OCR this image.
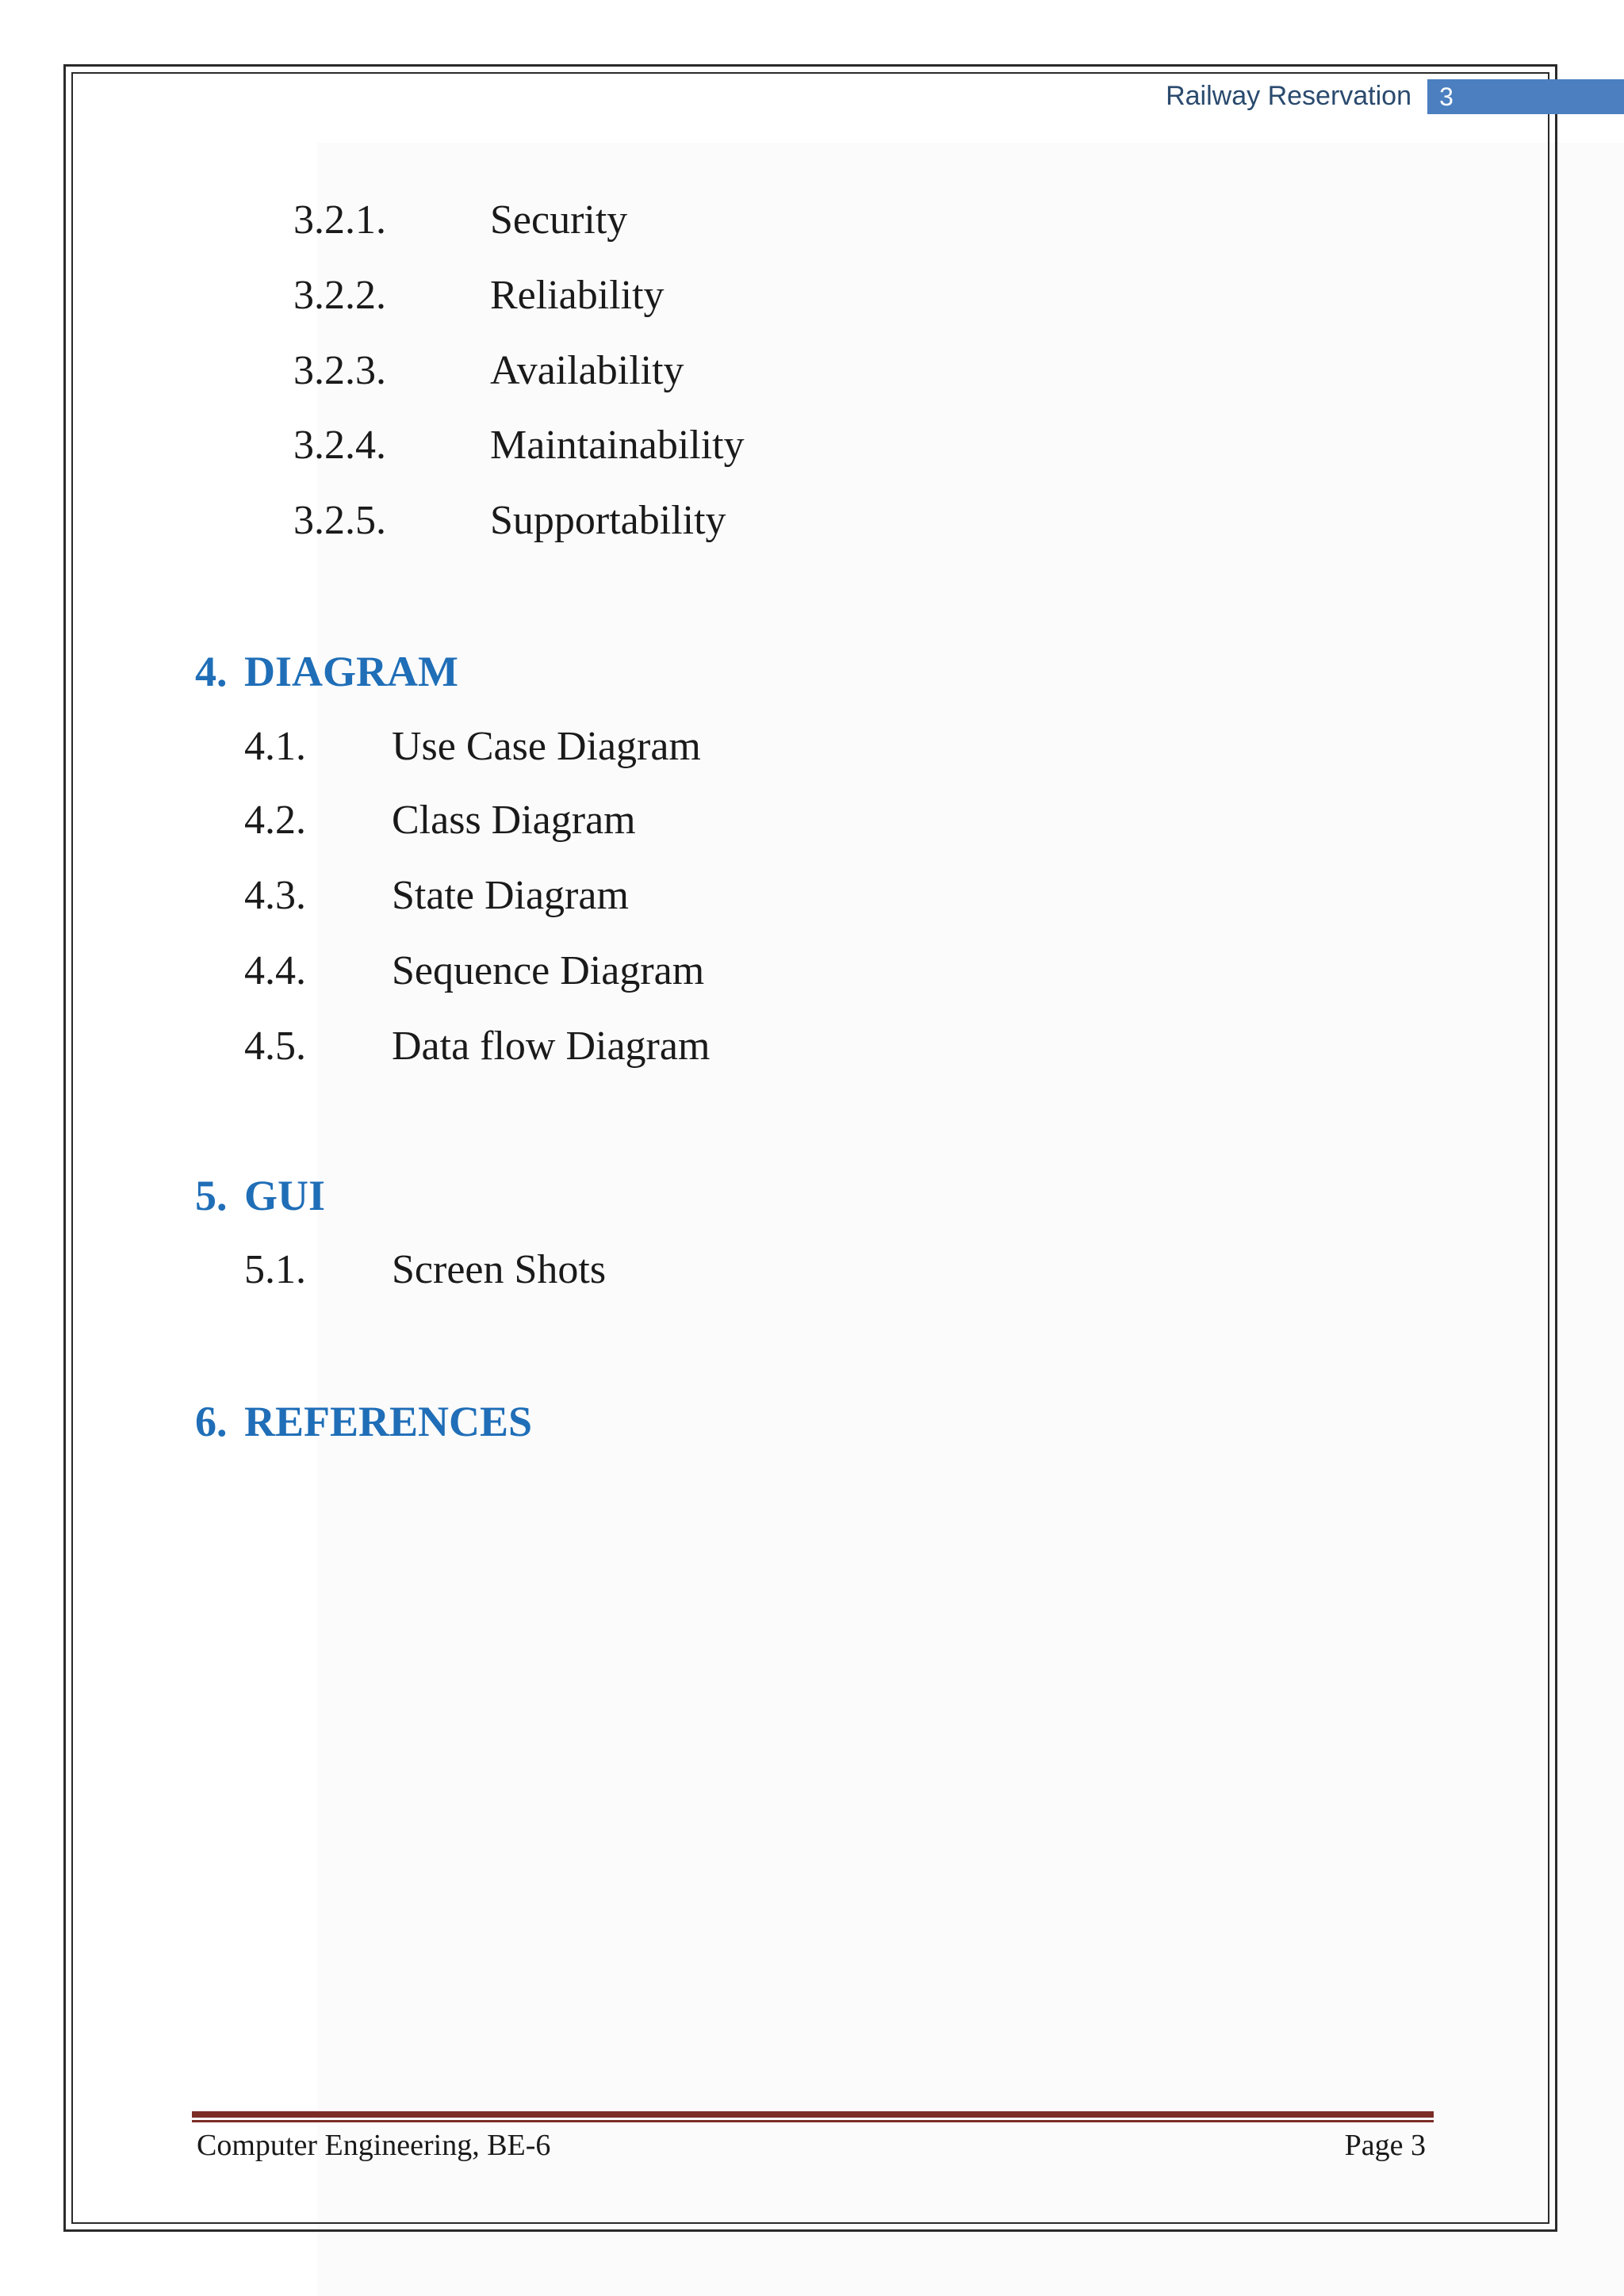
Railway Reservation	3
3.2.1.	Security
3.2.2.	Reliability
3.2.3.	Availability
3.2.4.	Maintainability
3.2.5.	Supportability
4. DIAGRAM
4.1. Use Case Diagram
4.2. Class Diagram
4.3. State Diagram
4.4. Sequence Diagram
4.5. Data flow Diagram
5. GUI
5.1. Screen Shots
6. REFERENCES
Computer Engineering, BE-6	Page 3
